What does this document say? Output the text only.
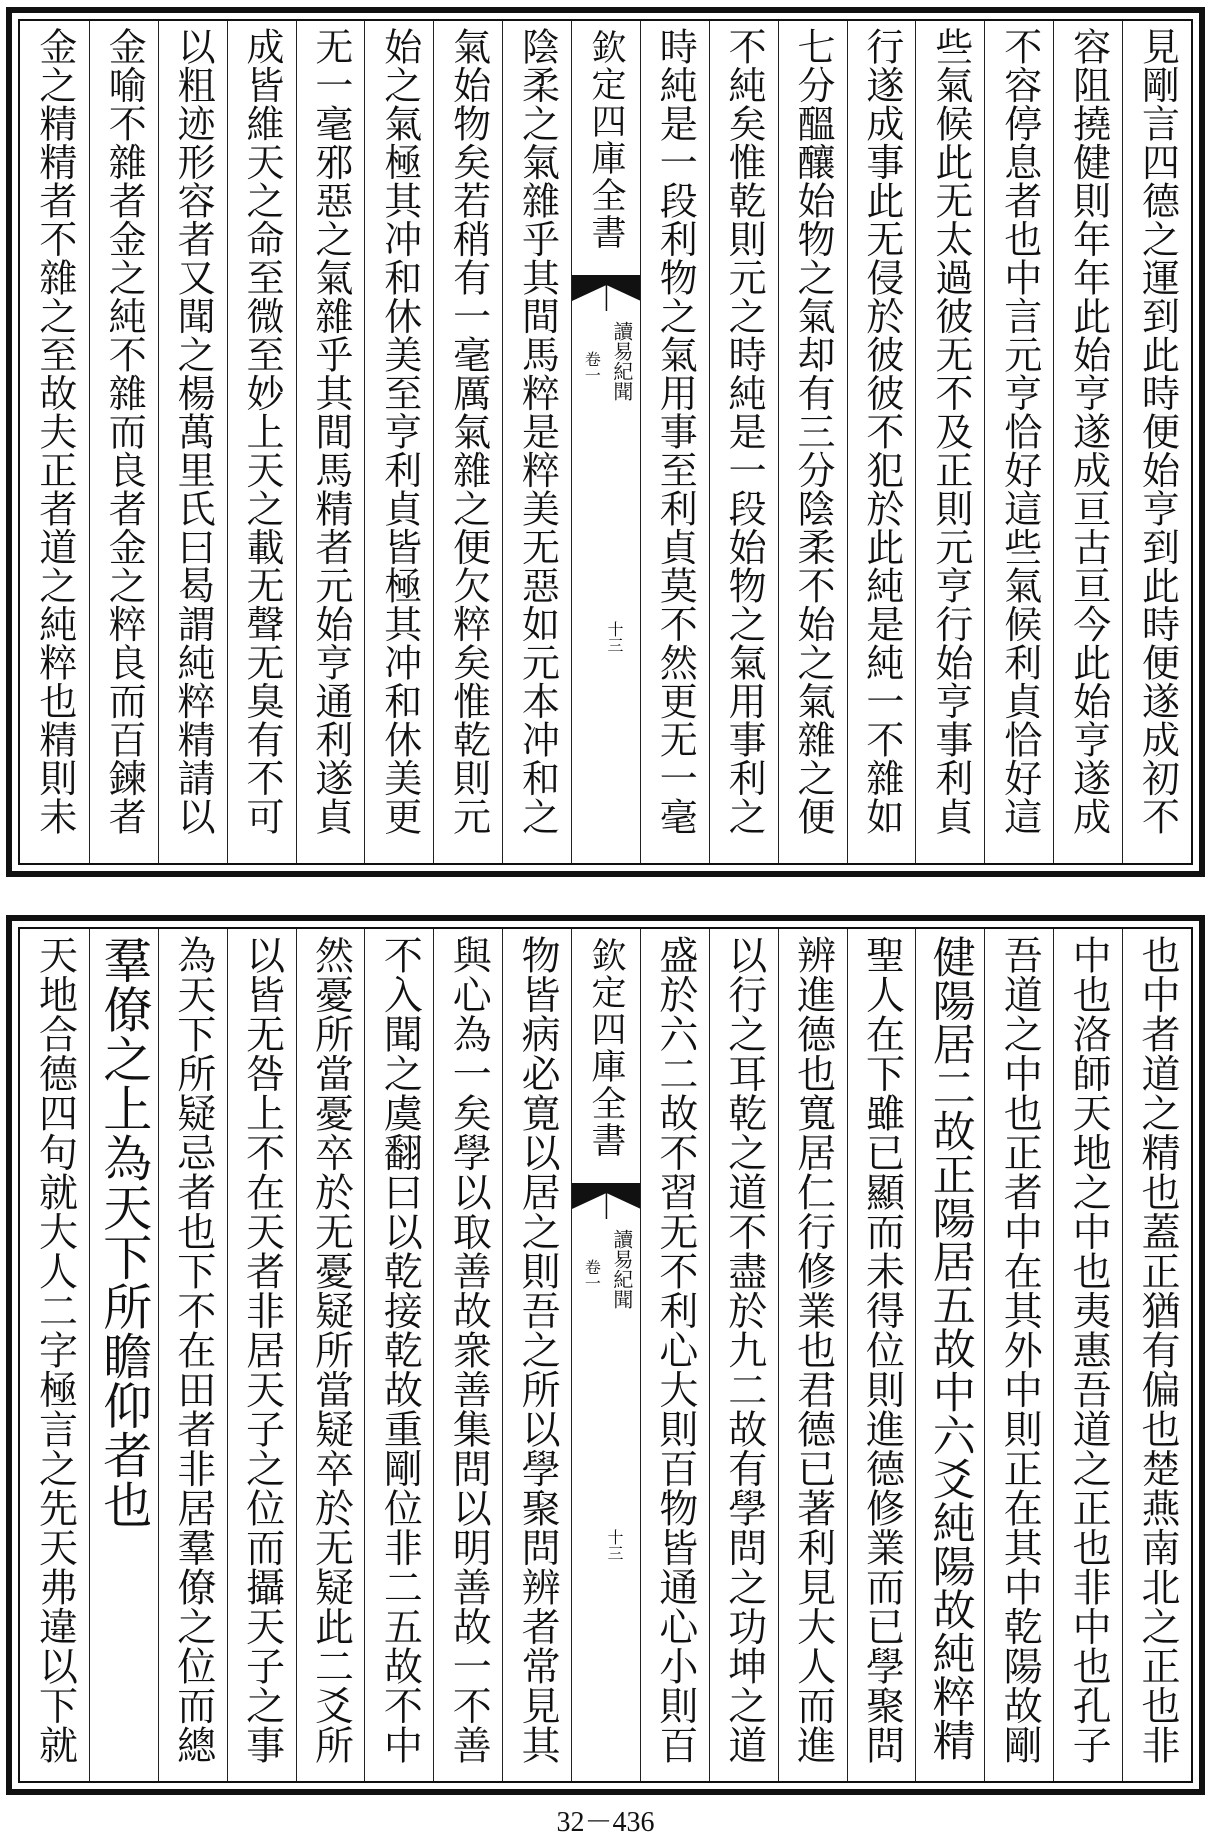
金之精精者不雜之至故夫正者道之純粹也精則未 金喻不雜者金之純不雜而良者金之粹良而百鍊者 以粗迹形容者又聞之楊萬里氏曰曷謂純粹精請以 成皆維天之命至微至妙上天之載无聲无臭有不可 无一毫邪惡之氣雜乎其間馬精者元始亨通利遂貞 始之氣極其冲和休美至亨利貞皆極其冲和休美更 氣始物矣若稍有一毫厲氣雜之便欠粹矣惟乾則元 陰柔之氣雜乎其間馬粹是粹美无惡如元本冲和之 欽定四庫全書
讀易紀聞
卷一
十三 時純是一段利物之氣用事至利貞莫不然更无一毫 不純矣惟乾則元之時純是一段始物之氣用事利之 七分醞釀始物之氣却有三分陰柔不始之氣雜之便 行遂成事此无侵於彼彼不犯於此純是純一不雜如 些氣候此无太過彼无不及正則元亨行始亨事利貞 不容停息者也中言元亨恰好這些氣候利貞恰好這 容阻撓健則年年此始亨遂成亘古亘今此始亨遂成 見剛言四德之運到此時便始亨到此時便遂成初不
天地合德四句就大人二字極言之先天弗違以下就 羣僚之上為天下所瞻仰者也 為天下所疑忌者也下不在田者非居羣僚之位而總 以皆无咎上不在天者非居天子之位而攝天子之事 然憂所當憂卒於无憂疑所當疑卒於无疑此二爻所 不入聞之虞翻曰以乾接乾故重剛位非二五故不中 與心為一矣學以取善故衆善集問以明善故一不善 物皆病必寛以居之則吾之所以學聚問辨者常見其 欽定四庫全書
讀易紀聞
卷一
十三 盛於六二故不習无不利心大則百物皆通心小則百 以行之耳乾之道不盡於九二故有學問之功坤之道 辨進德也寬居仁行修業也君德已著利見大人而進 聖人在下雖已顯而未得位則進德修業而已學聚問 健陽居二故正陽居五故中六爻純陽故純粹精 吾道之中也正者中在其外中則正在其中乾陽故剛 中也洛師天地之中也夷惠吾道之正也非中也孔子 也中者道之精也蓋正猶有偏也楚燕南北之正也非
32－436
